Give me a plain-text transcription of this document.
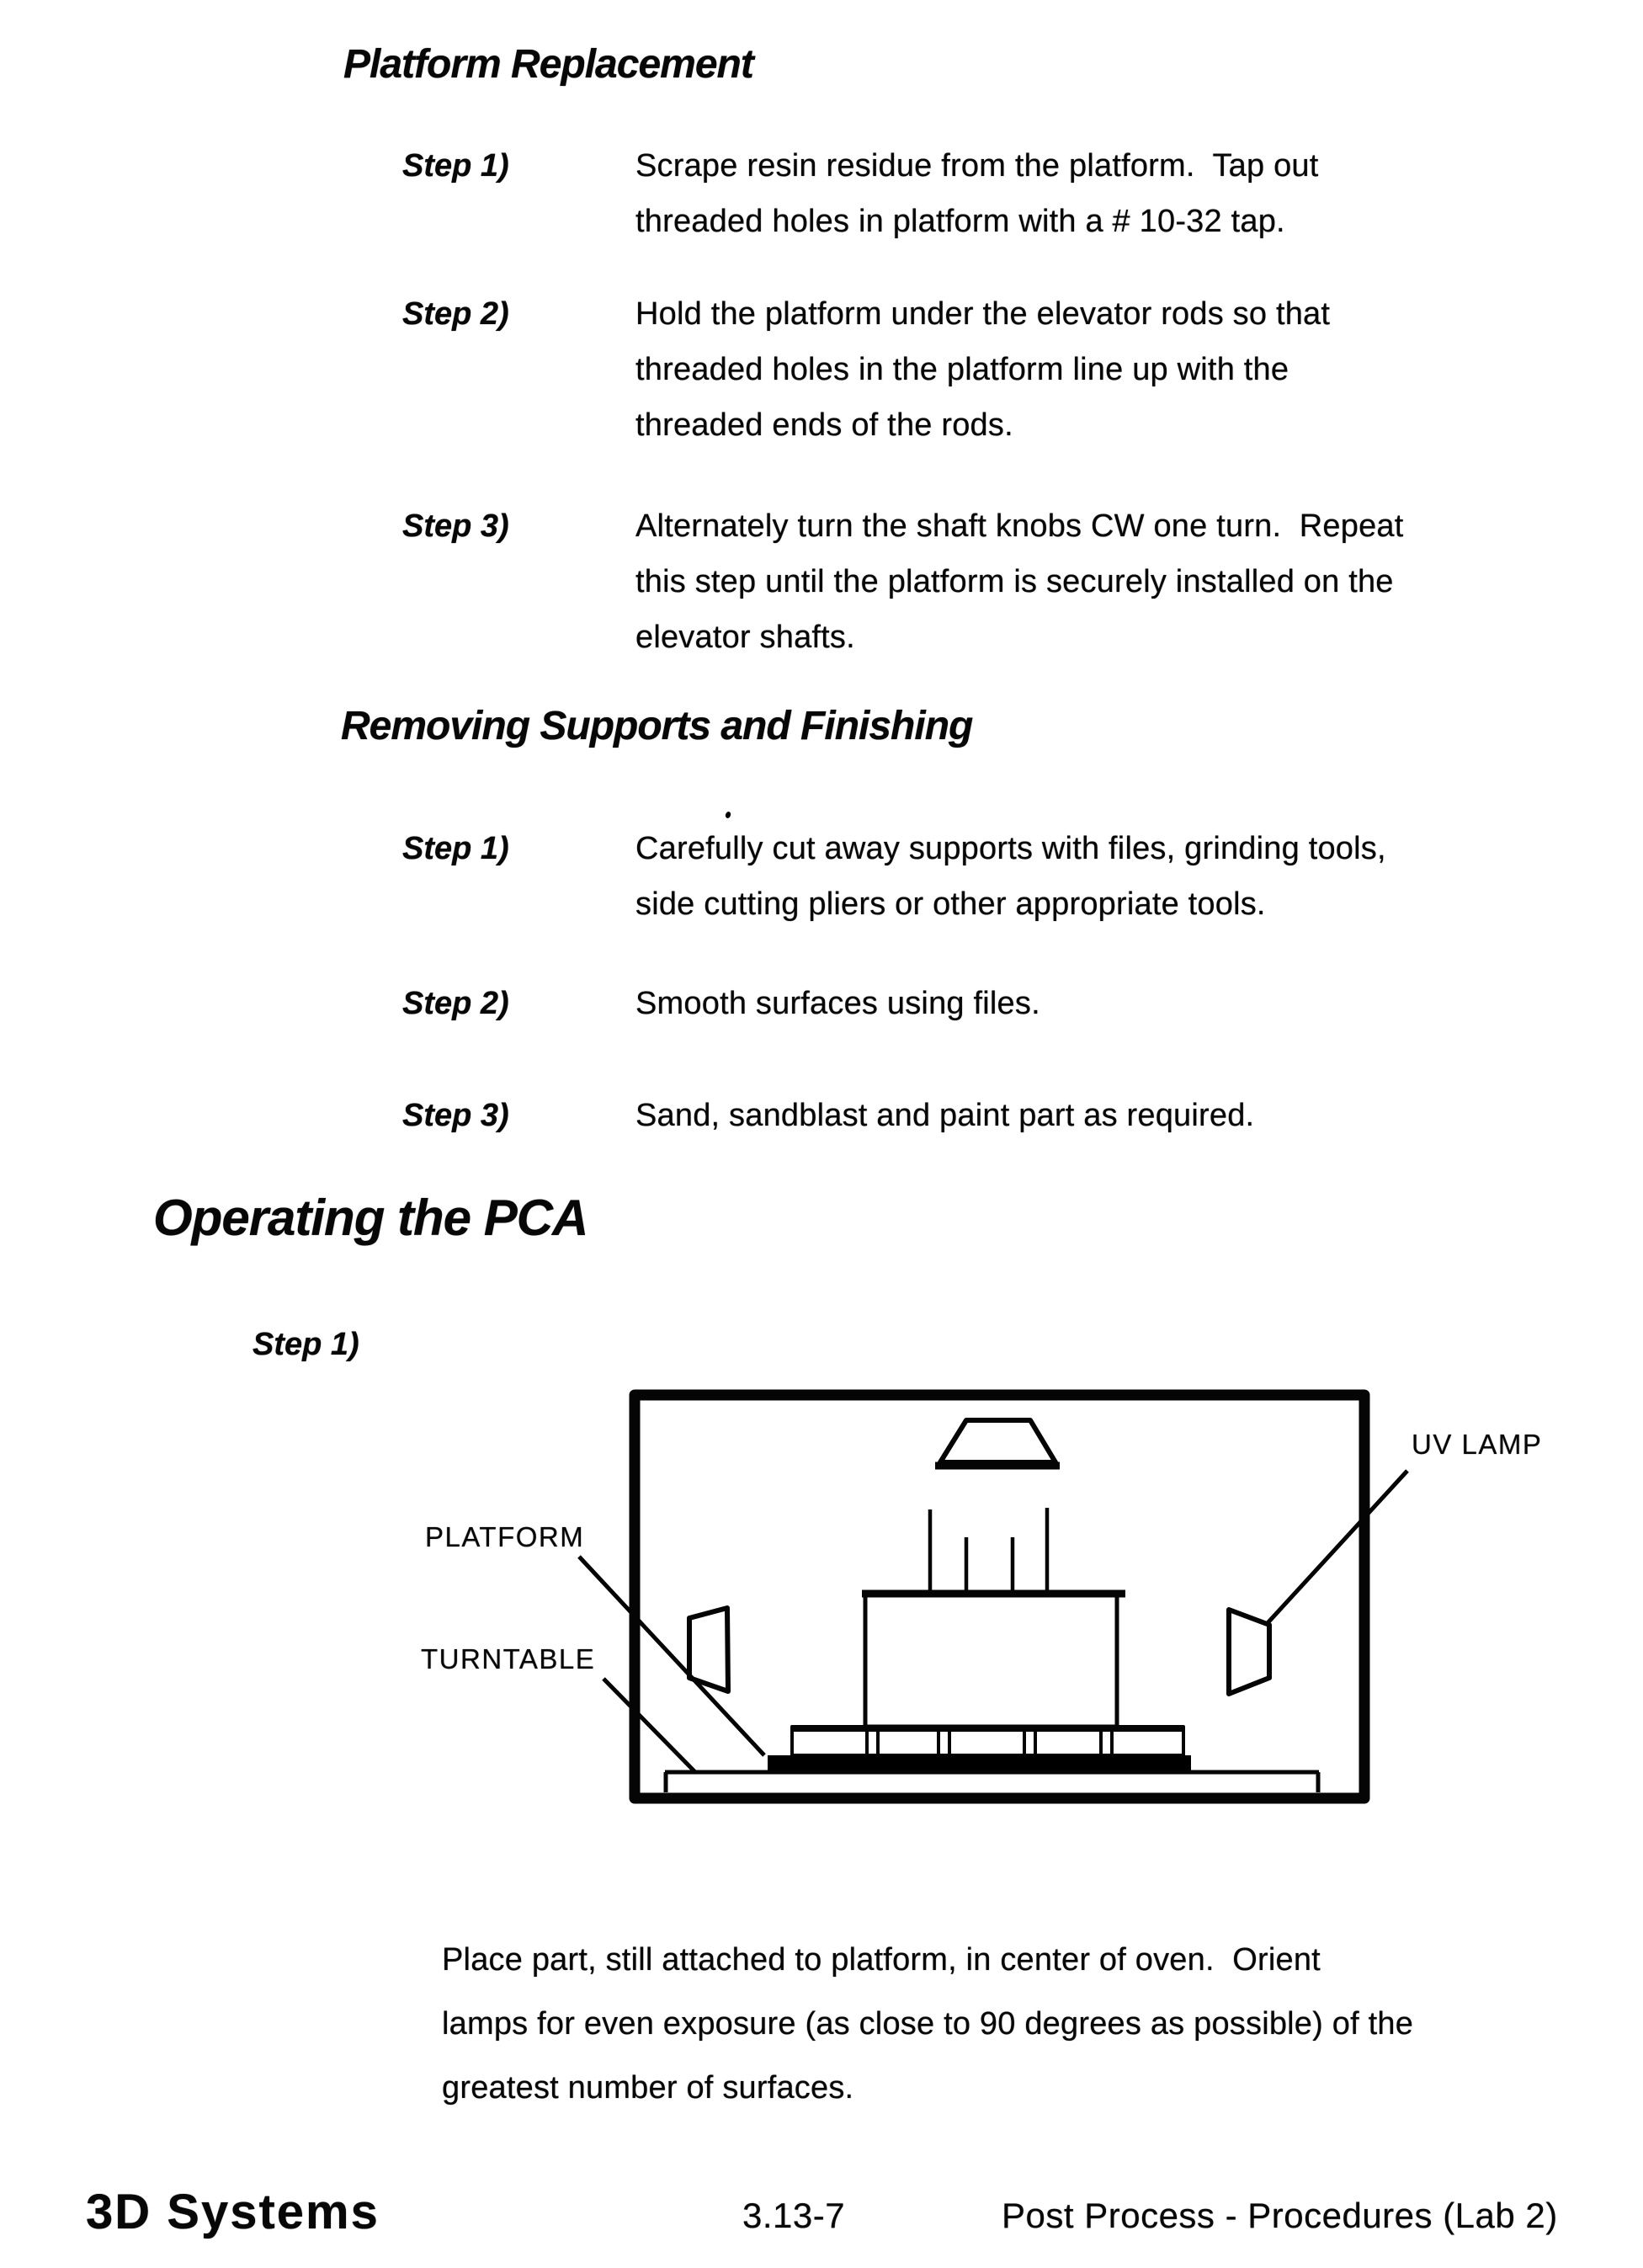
Platform Replacement
Step 1)	Scrape resin residue from the platform.  Tap out
threaded holes in platform with a # 10-32 tap.
Step 2)	Hold the platform under the elevator rods so that
threaded holes in the platform line up with the
threaded ends of the rods.
Step 3)	Alternately turn the shaft knobs CW one turn.  Repeat
this step until the platform is securely installed on the
elevator shafts.
Removing Supports and Finishing
Step 1)	Carefully cut away supports with files, grinding tools,
side cutting pliers or other appropriate tools.
Step 2)	Smooth surfaces using files.
Step 3)	Sand, sandblast and paint part as required.
Operating the PCA
Step 1)
PLATFORM
TURNTABLE
UV LAMP
Place part, still attached to platform, in center of oven.  Orient
lamps for even exposure (as close to 90 degrees as possible) of the
greatest number of surfaces.
3D Systems	3.13-7	Post Process - Procedures (Lab 2)
